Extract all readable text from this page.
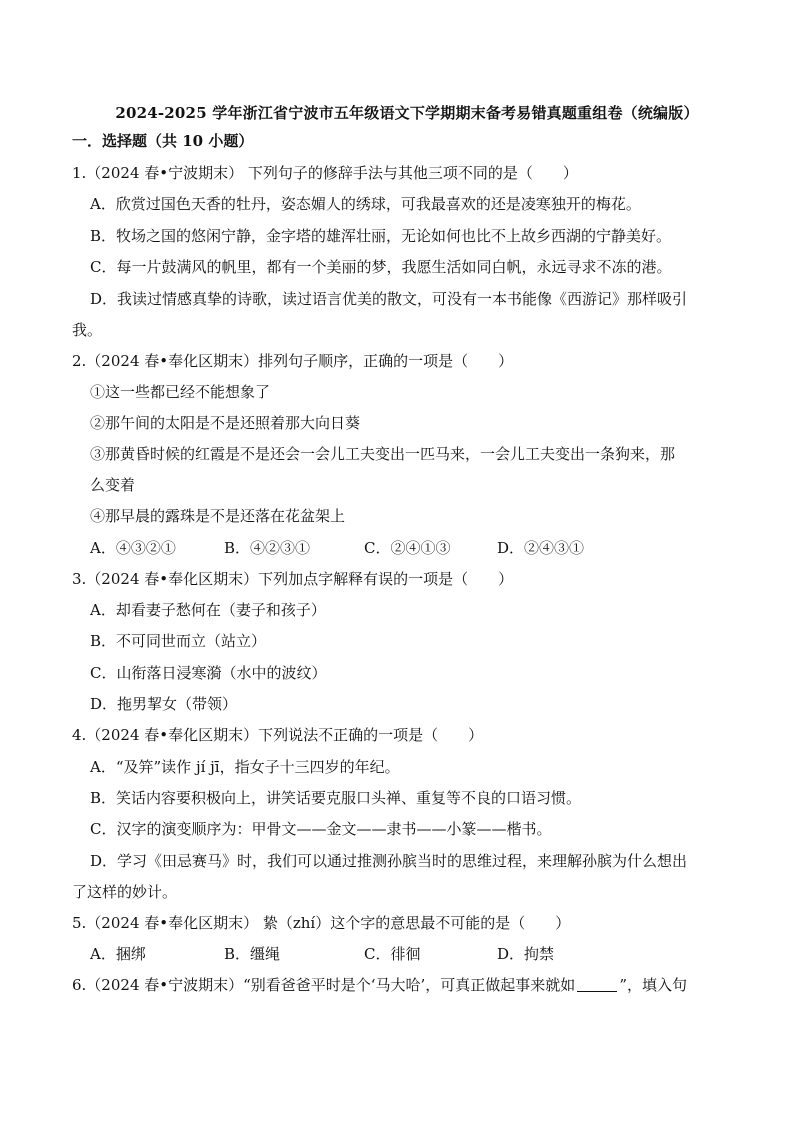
2024-2025 学年浙江省宁波市五年级语文下学期期末备考易错真题重组卷（统编版）
一．选择题（共 10 小题）
1.（2024 春•宁波期末） 下列句子的修辞手法与其他三项不同的是（　　）
A．欣赏过国色天香的牡丹，姿态媚人的绣球，可我最喜欢的还是凌寒独开的梅花。
B．牧场之国的悠闲宁静，金字塔的雄浑壮丽，无论如何也比不上故乡西湖的宁静美好。
C．每一片鼓满风的帆里，都有一个美丽的梦，我愿生活如同白帆，永远寻求不冻的港。
D．我读过情感真挚的诗歌，读过语言优美的散文，可没有一本书能像《西游记》那样吸引
我。
2.（2024 春•奉化区期末）排列句子顺序，正确的一项是（　　）
①这一些都已经不能想象了
②那午间的太阳是不是还照着那大向日葵
③那黄昏时候的红霞是不是还会一会儿工夫变出一匹马来，一会儿工夫变出一条狗来，那
么变着
④那早晨的露珠是不是还落在花盆架上
A．④③②①	B．④②③①	C．②④①③	D．②④③①
3.（2024 春•奉化区期末）下列加点字解释有误的一项是（　　）
A．却看妻子愁何在（妻子和孩子）
B．不可同世而立（站立）
C．山衔落日浸寒漪（水中的波纹）
D．拖男挈女（带领）
4.（2024 春•奉化区期末）下列说法不正确的一项是（　　）
A．“及笄”读作 jí jī，指女子十三四岁的年纪。
B．笑话内容要积极向上，讲笑话要克服口头禅、重复等不良的口语习惯。
C．汉字的演变顺序为：甲骨文——金文——隶书——小篆——楷书。
D．学习《田忌赛马》时，我们可以通过推测孙膑当时的思维过程，来理解孙膑为什么想出
了这样的妙计。
5.（2024 春•奉化区期末） 絷（zhí）这个字的意思最不可能的是（　　）
A．捆绑	B．缰绳	C．徘徊	D．拘禁
6.（2024 春•宁波期末）“别看爸爸平时是个‘马大哈’，可真正做起事来就如	”，填入句
